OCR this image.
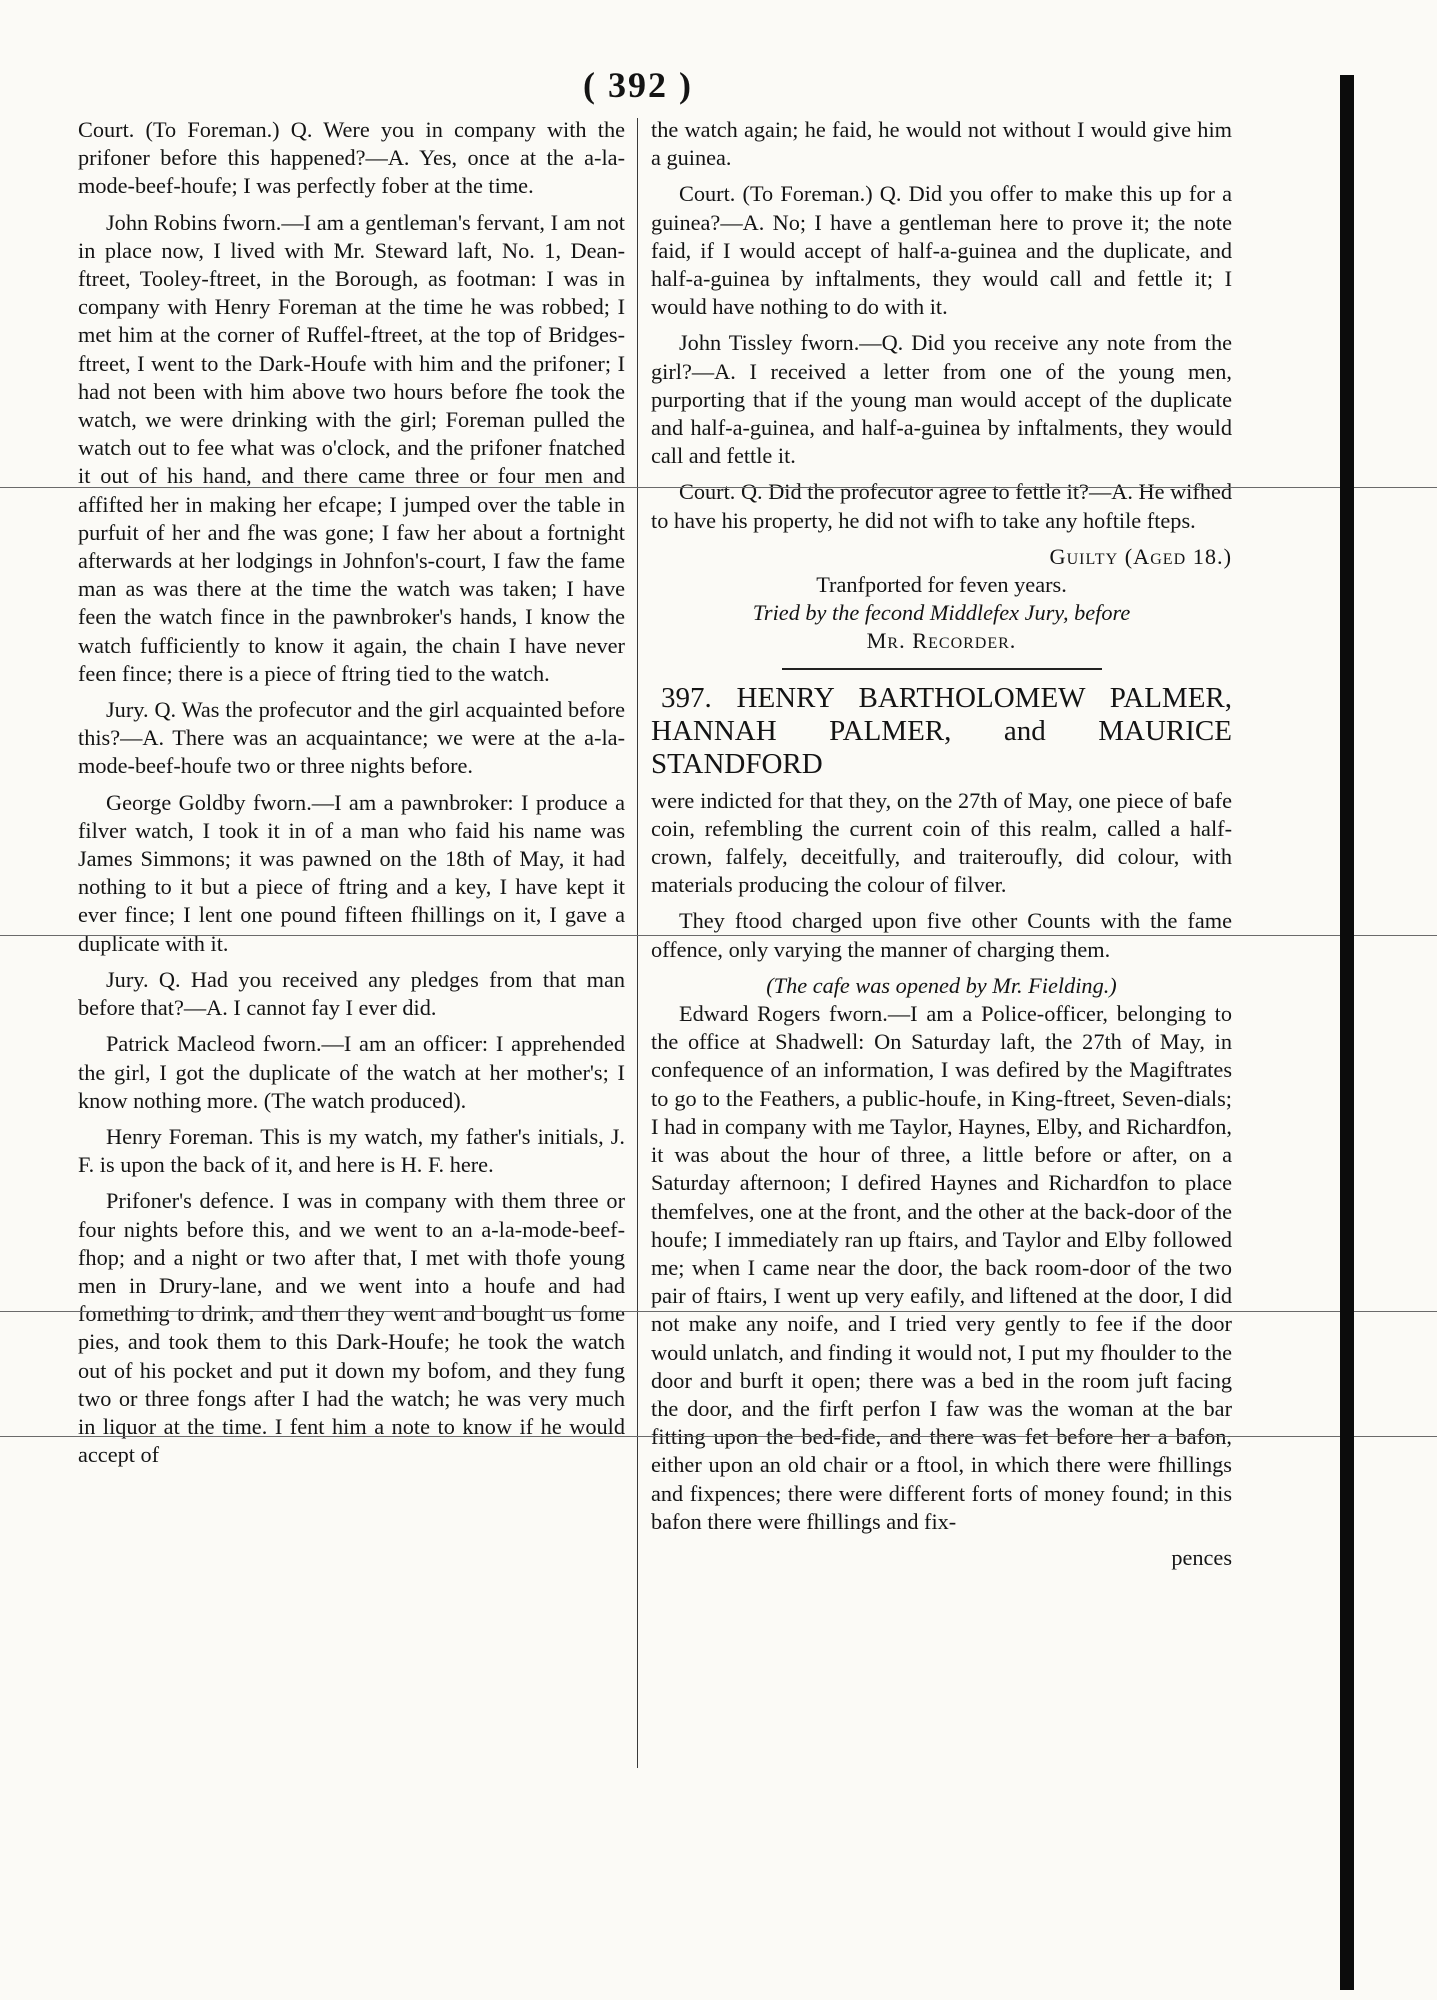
( 392 )

Court. (To Foreman.) Q. Were you in company with the prifoner before this happened?—A. Yes, once at the a-la-mode-beef-houfe; I was perfectly fober at the time.

John Robins fworn.—I am a gentleman's fervant, I am not in place now, I lived with Mr. Steward laft, No. 1, Dean-ftreet, Tooley-ftreet, in the Borough, as footman: I was in company with Henry Foreman at the time he was robbed; I met him at the corner of Ruffel-ftreet, at the top of Bridges-ftreet, I went to the Dark-Houfe with him and the prifoner; I had not been with him above two hours before fhe took the watch, we were drinking with the girl; Foreman pulled the watch out to fee what was o'clock, and the prifoner fnatched it out of his hand, and there came three or four men and affifted her in making her efcape; I jumped over the table in purfuit of her and fhe was gone; I faw her about a fortnight afterwards at her lodgings in Johnfon's-court, I faw the fame man as was there at the time the watch was taken; I have feen the watch fince in the pawnbroker's hands, I know the watch fufficiently to know it again, the chain I have never feen fince; there is a piece of ftring tied to the watch.

Jury. Q. Was the profecutor and the girl acquainted before this?—A. There was an acquaintance; we were at the a-la-mode-beef-houfe two or three nights before.

George Goldby fworn.—I am a pawnbroker: I produce a filver watch, I took it in of a man who faid his name was James Simmons; it was pawned on the 18th of May, it had nothing to it but a piece of ftring and a key, I have kept it ever fince; I lent one pound fifteen fhillings on it, I gave a duplicate with it.

Jury. Q. Had you received any pledges from that man before that?—A. I cannot fay I ever did.

Patrick Macleod fworn.—I am an officer: I apprehended the girl, I got the duplicate of the watch at her mother's; I know nothing more. (The watch produced).

Henry Foreman. This is my watch, my father's initials, J. F. is upon the back of it, and here is H. F. here.

Prifoner's defence. I was in company with them three or four nights before this, and we went to an a-la-mode-beef-fhop; and a night or two after that, I met with thofe young men in Drury-lane, and we went into a houfe and had fomething to drink, and then they went and bought us fome pies, and took them to this Dark-Houfe; he took the watch out of his pocket and put it down my bofom, and they fung two or three fongs after I had the watch; he was very much in liquor at the time. I fent him a note to know if he would accept of

the watch again; he faid, he would not without I would give him a guinea.

Court. (To Foreman.) Q. Did you offer to make this up for a guinea?—A. No; I have a gentleman here to prove it; the note faid, if I would accept of half-a-guinea and the duplicate, and half-a-guinea by inftalments, they would call and fettle it; I would have nothing to do with it.

John Tissley fworn.—Q. Did you receive any note from the girl?—A. I received a letter from one of the young men, purporting that if the young man would accept of the duplicate and half-a-guinea, and half-a-guinea by inftalments, they would call and fettle it.

Court. Q. Did the profecutor agree to fettle it?—A. He wifhed to have his property, he did not wifh to take any hoftile fteps.

Guilty (Aged 18.)

Tranfported for feven years.

Tried by the fecond Middlefex Jury, before

Mr. Recorder.

397. HENRY BARTHOLOMEW PALMER, HANNAH PALMER, and MAURICE STANDFORD

were indicted for that they, on the 27th of May, one piece of bafe coin, refembling the current coin of this realm, called a half-crown, falfely, deceitfully, and traiteroufly, did colour, with materials producing the colour of filver.

They ftood charged upon five other Counts with the fame offence, only varying the manner of charging them.

(The cafe was opened by Mr. Fielding.)

Edward Rogers fworn.—I am a Police-officer, belonging to the office at Shadwell: On Saturday laft, the 27th of May, in confequence of an information, I was defired by the Magiftrates to go to the Feathers, a public-houfe, in King-ftreet, Seven-dials; I had in company with me Taylor, Haynes, Elby, and Richardfon, it was about the hour of three, a little before or after, on a Saturday afternoon; I defired Haynes and Richardfon to place themfelves, one at the front, and the other at the back-door of the houfe; I immediately ran up ftairs, and Taylor and Elby followed me; when I came near the door, the back room-door of the two pair of ftairs, I went up very eafily, and liftened at the door, I did not make any noife, and I tried very gently to fee if the door would unlatch, and finding it would not, I put my fhoulder to the door and burft it open; there was a bed in the room juft facing the door, and the firft perfon I faw was the woman at the bar fitting upon the bed-fide, and there was fet before her a bafon, either upon an old chair or a ftool, in which there were fhillings and fixpences; there were different forts of money found; in this bafon there were fhillings and fix-

pences
